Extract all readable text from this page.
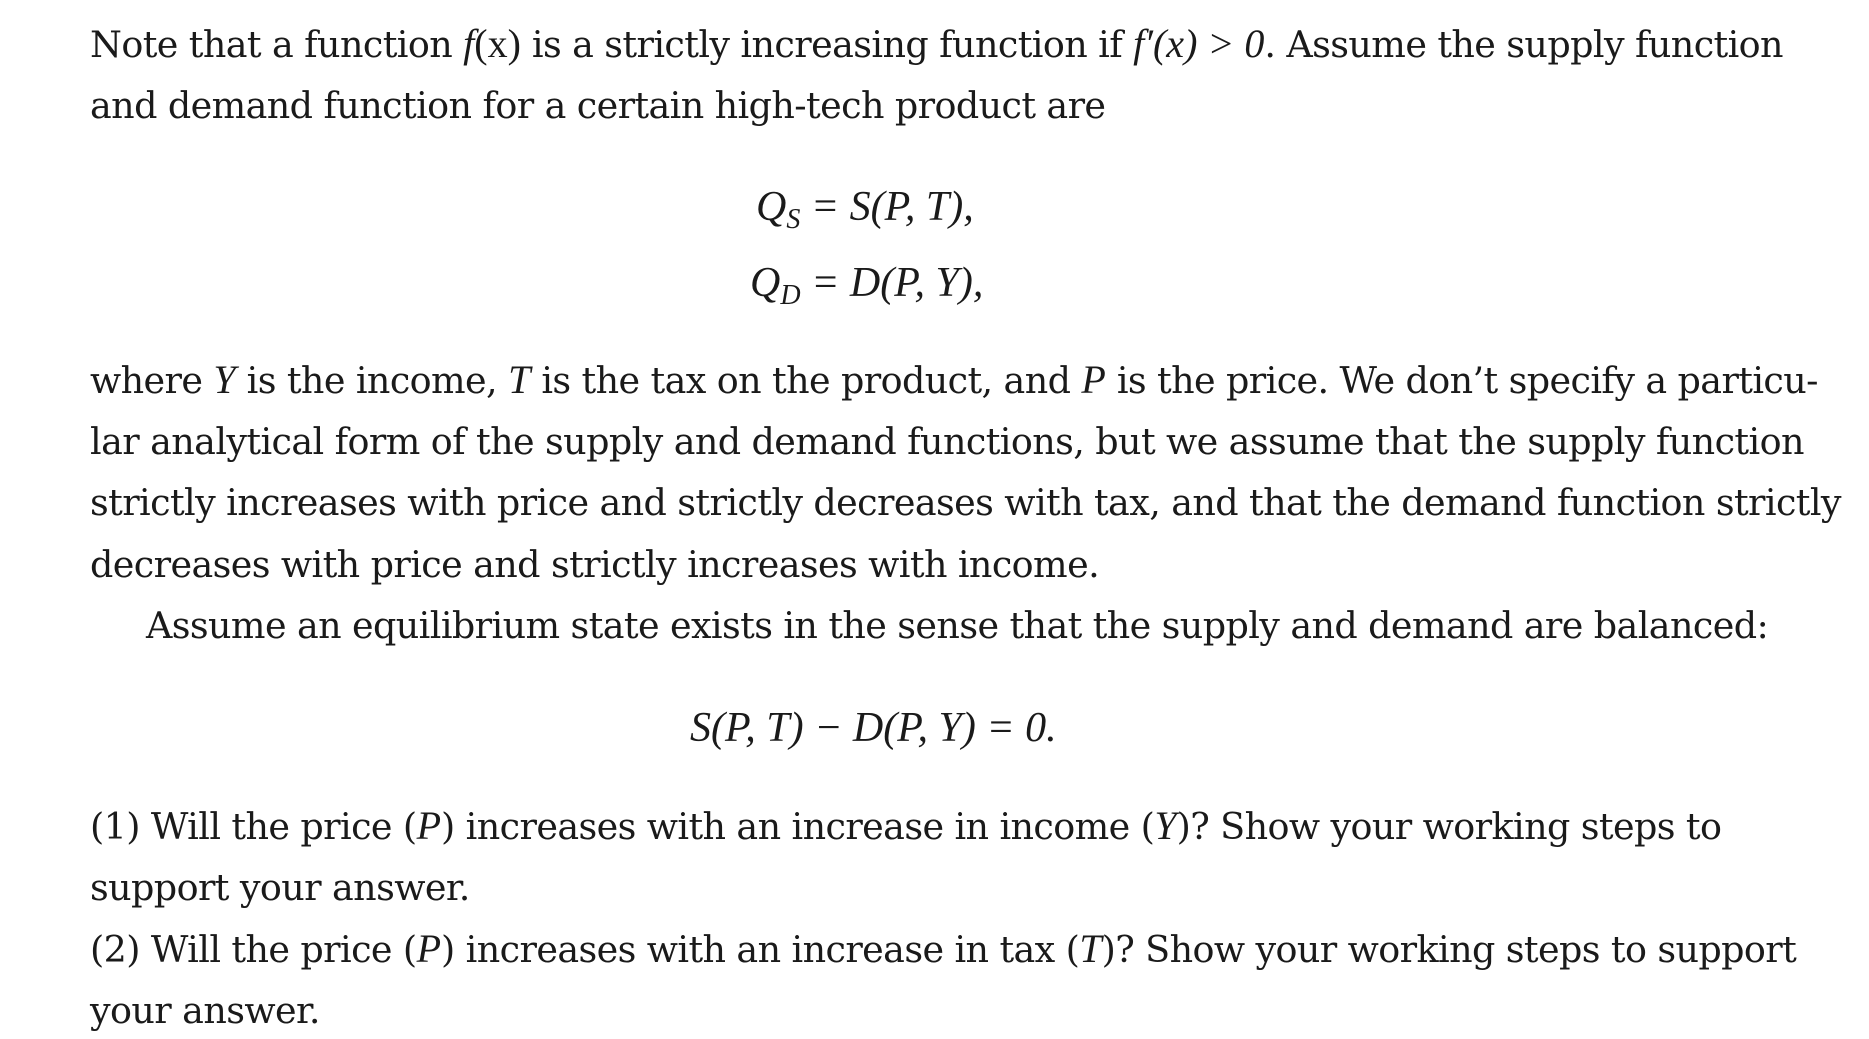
Note that a function f(x) is a strictly increasing function if f′(x) > 0. Assume the supply function
and demand function for a certain high-tech product are
$Q_S = S(P$, T),
$Q_D = D(P$, Y),
where Y is the income, T is the tax on the product, and P is the price. We don’t specify a particu-
lar analytical form of the supply and demand functions, but we assume that the supply function
strictly increases with price and strictly decreases with tax, and that the demand function strictly
decreases with price and strictly increases with income.
Assume an equilibrium state exists in the sense that the supply and demand are balanced:
S(P, T) − D(P, Y) = 0.
(1) Will the price (P) increases with an increase in income (Y)? Show your working steps to
support your answer.
(2) Will the price (P) increases with an increase in tax (T)? Show your working steps to support
your answer.
